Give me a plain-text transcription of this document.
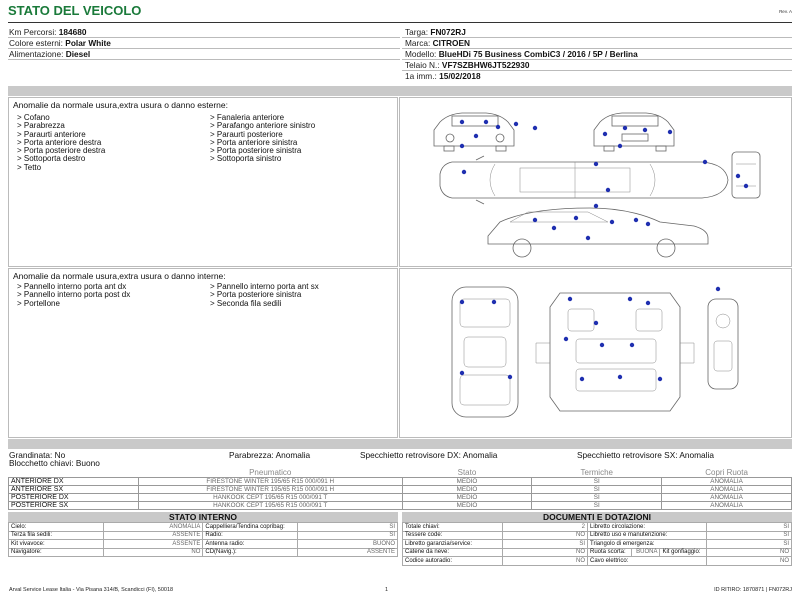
STATO DEL VEICOLO	Rev. A
Km Percorsi: 184680
Colore esterni: Polar White
Alimentazione: Diesel
Targa: FN072RJ
Marca: CITROEN
Modello: BlueHDi 75 Business CombiC3 / 2016 / 5P / Berlina
Telaio N.: VF7SZBHW6JT522930
1a imm.: 15/02/2018
Anomalie da normale usura,extra usura o danno esterne:
> Cofano
> Parabrezza
> Paraurti anteriore
> Porta anteriore destra
> Porta posteriore destra
> Sottoporta destro
> Tetto
> Fanaleria anteriore
> Parafango anteriore sinistro
> Paraurti posteriore
> Porta anteriore sinistra
> Porta posteriore sinistra
> Sottoporta sinistro
Anomalie da normale usura,extra usura o danno interne:
> Pannello interno porta ant dx
> Pannello interno porta post dx
> Portellone
> Pannello interno porta ant sx
> Porta posteriore sinistra
> Seconda fila sedili
Grandinata: No	Parabrezza: Anomalia	Specchietto retrovisore DX: Anomalia	Specchietto retrovisore SX: Anomalia
Blocchetto chiavi: Buono
	Pneumatico	Stato	Termiche	Copri Ruota
ANTERIORE DX	FIRESTONE WINTER 195/65 R15 000/091 H	MEDIO	SI	ANOMALIA
ANTERIORE SX	FIRESTONE WINTER 195/65 R15 000/091 H	MEDIO	SI	ANOMALIA
POSTERIORE DX	HANKOOK CEPT 195/65 R15 000/091 T	MEDIO	SI	ANOMALIA
POSTERIORE SX	HANKOOK CEPT 195/65 R15 000/091 T	MEDIO	SI	ANOMALIA
STATO INTERNO
Cielo:	ANOMALIA	Cappelliera/Tendina copribag:	SI
Terza fila sedili:	ASSENTE	Radio:	SI
Kit vivavoce:	ASSENTE	Antenna radio:	BUONO
Navigatore:	NO	CD(Navig.):	ASSENTE
DOCUMENTI E DOTAZIONI
Totale chiavi:	2	Libretto circolazione:			SI
Tessere code:	NO	Libretto uso e manutenzione:			SI
Libretto garanzia/service:	SI	Triangolo di emergenza:			SI
Catene da neve:	NO	Ruota scorta:	BUONA	Kit gonfiaggio:	NO
Codice autoradio:	NO	Cavo elettrico:			NO
Arval Service Lease Italia - Via Pisana 314/B, Scandicci (FI), 50018	1	ID RITIRO: 1870871 | FN072RJ
